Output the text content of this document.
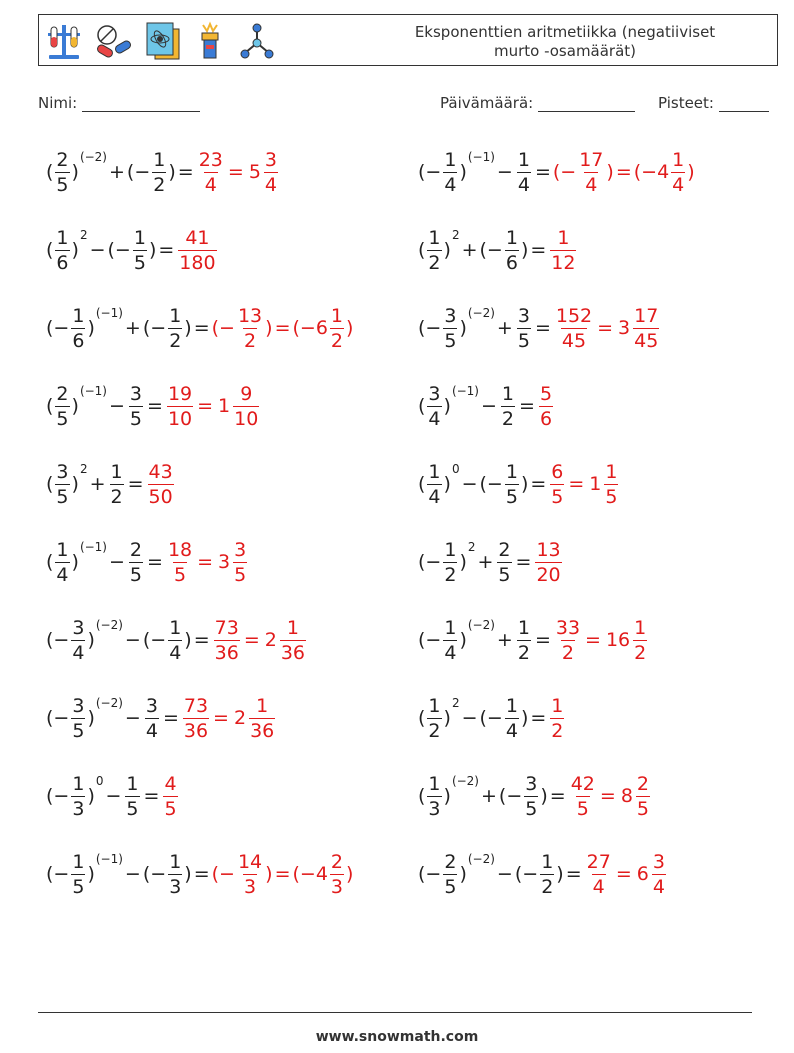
Eksponenttien aritmetiikka (negatiiviset
murto -osamäärät)
Nimi:	Päivämäärä:	Pisteet:
( $\frac{2}{5}$ )
(−2)
+ (− $\frac{1}{2}$ ) = $\frac{23}{4} = 5 \frac{3}{4}$	(− $\frac{1}{4}$ )
(−1)
− $\frac{1}{4}$ = (− $\frac{17}{4}$ ) = ($-4 \frac{1}{4}$ )
( $\frac{1}{6}$ )
2
− (− $\frac{1}{5}$ ) = $\frac{41}{180}$	( $\frac{1}{2}$ )
2
+ (− $\frac{1}{6}$ ) = $\frac{1}{12}$
(− $\frac{1}{6}$ )
(−1)
+ (− $\frac{1}{2}$ ) = (− $\frac{13}{2}$ ) = ($-6 \frac{1}{2}$ )	(− $\frac{3}{5}$ )
(−2)
+ $\frac{3}{5} = \frac{152}{45} = 3 \frac{17}{45}$
( $\frac{2}{5}$ )
(−1)
− $\frac{3}{5} = \frac{19}{10} = 1 \frac{9}{10}$	( $\frac{3}{4}$ )
(−1)
− $\frac{1}{2} = \frac{5}{6}$
( $\frac{3}{5}$ )
2
+ $\frac{1}{2} = \frac{43}{50}$	( $\frac{1}{4}$ )
0
− (− $\frac{1}{5}$ ) = $\frac{6}{5} = 1 \frac{1}{5}$
( $\frac{1}{4}$ )
(−1)
− $\frac{2}{5} = \frac{18}{5} = 3 \frac{3}{5}$	(− $\frac{1}{2}$ )
2
+ $\frac{2}{5} = \frac{13}{20}$
(− $\frac{3}{4}$ )
(−2)
− (− $\frac{1}{4}$ ) = $\frac{73}{36} = 2 \frac{1}{36}$	(− $\frac{1}{4}$ )
(−2)
+ $\frac{1}{2} = \frac{33}{2} = 16 \frac{1}{2}$
(− $\frac{3}{5}$ )
(−2)
− $\frac{3}{4} = \frac{73}{36} = 2 \frac{1}{36}$	( $\frac{1}{2}$ )
2
− (− $\frac{1}{4}$ ) = $\frac{1}{2}$
(− $\frac{1}{3}$ )
0
− $\frac{1}{5} = \frac{4}{5}$	( $\frac{1}{3}$ )
(−2)
+ (− $\frac{3}{5}$ ) = $\frac{42}{5} = 8 \frac{2}{5}$
(− $\frac{1}{5}$ )
(−1)
− (− $\frac{1}{3}$ ) = (− $\frac{14}{3}$ ) = ($-4 \frac{2}{3}$ )	(− $\frac{2}{5}$ )
(−2)
− (− $\frac{1}{2}$ ) = $\frac{27}{4} = 6 \frac{3}{4}$
www.snowmath.com
